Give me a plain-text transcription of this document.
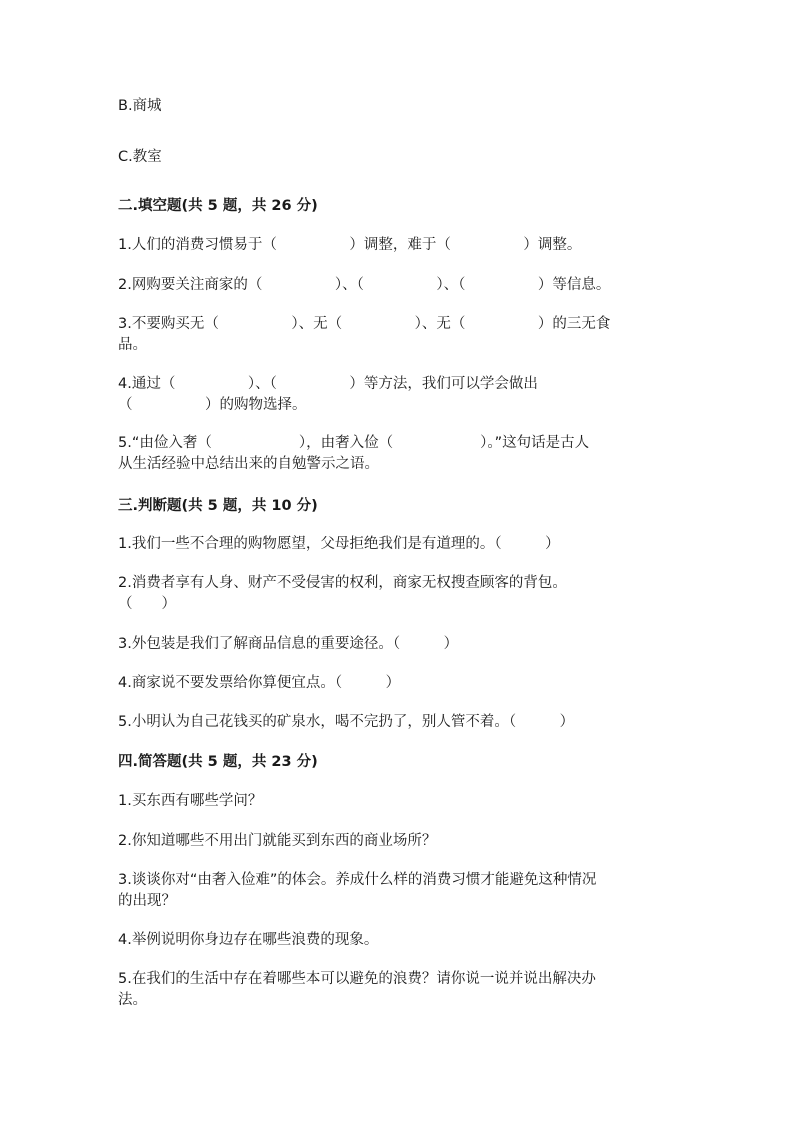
B.商城
C.教室
二.填空题(共 5 题，共 26 分)
1.人们的消费习惯易于（　　　　　）调整，难于（　　　　　）调整。
2.网购要关注商家的（　　　　　）、（　　　　　）、（　　　　　）等信息。
3.不要购买无（　　　　　）、无（　　　　　）、无（　　　　　）的三无食
品。
4.通过（　　　　　）、（　　　　　）等方法，我们可以学会做出
（　　　　　）的购物选择。
5.“由俭入奢（　　　　　　），由奢入俭（　　　　　　）。”这句话是古人
从生活经验中总结出来的自勉警示之语。
三.判断题(共 5 题，共 10 分)
1.我们一些不合理的购物愿望，父母拒绝我们是有道理的。（　　　）
2.消费者享有人身、财产不受侵害的权利，商家无权搜查顾客的背包。
（　　）
3.外包装是我们了解商品信息的重要途径。（　　　）
4.商家说不要发票给你算便宜点。（　　　）
5.小明认为自己花钱买的矿泉水，喝不完扔了，别人管不着。（　　　）
四.简答题(共 5 题，共 23 分)
1.买东西有哪些学问？
2.你知道哪些不用出门就能买到东西的商业场所？
3.谈谈你对“由奢入俭难”的体会。养成什么样的消费习惯才能避免这种情况
的出现？
4.举例说明你身边存在哪些浪费的现象。
5.在我们的生活中存在着哪些本可以避免的浪费？请你说一说并说出解决办
法。
